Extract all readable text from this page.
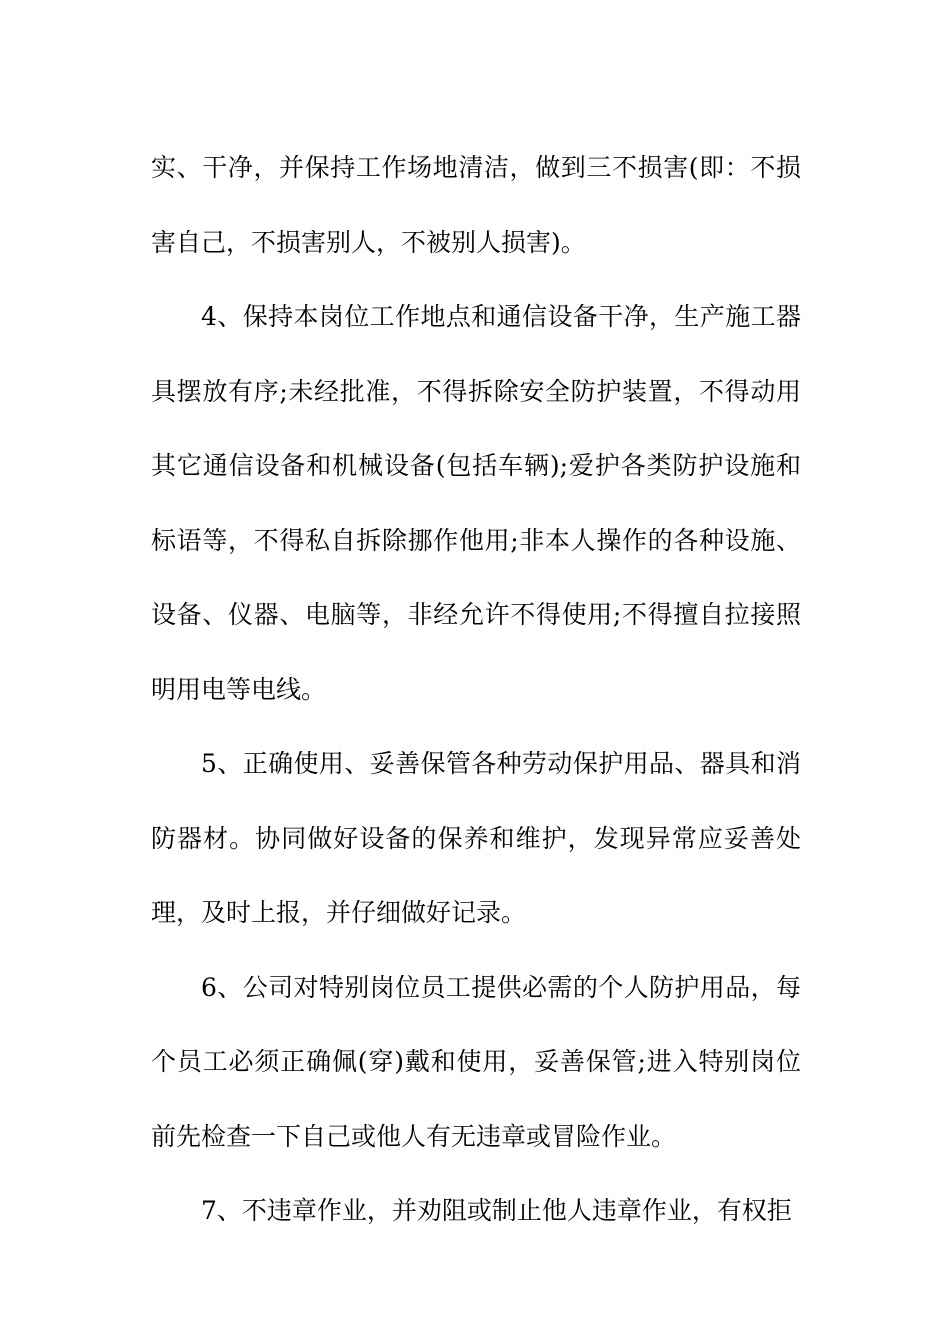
实、干净，并保持工作场地清洁，做到三不损害(即：不损害自己，不损害别人，不被别人损害)。

4、保持本岗位工作地点和通信设备干净，生产施工器具摆放有序;未经批准，不得拆除安全防护装置，不得动用其它通信设备和机械设备(包括车辆);爱护各类防护设施和标语等，不得私自拆除挪作他用;非本人操作的各种设施、设备、仪器、电脑等，非经允许不得使用;不得擅自拉接照明用电等电线。

5、正确使用、妥善保管各种劳动保护用品、器具和消防器材。协同做好设备的保养和维护，发现异常应妥善处理，及时上报，并仔细做好记录。

6、公司对特别岗位员工提供必需的个人防护用品，每个员工必须正确佩(穿)戴和使用，妥善保管;进入特别岗位前先检查一下自己或他人有无违章或冒险作业。

7、不违章作业，并劝阻或制止他人违章作业，有权拒
